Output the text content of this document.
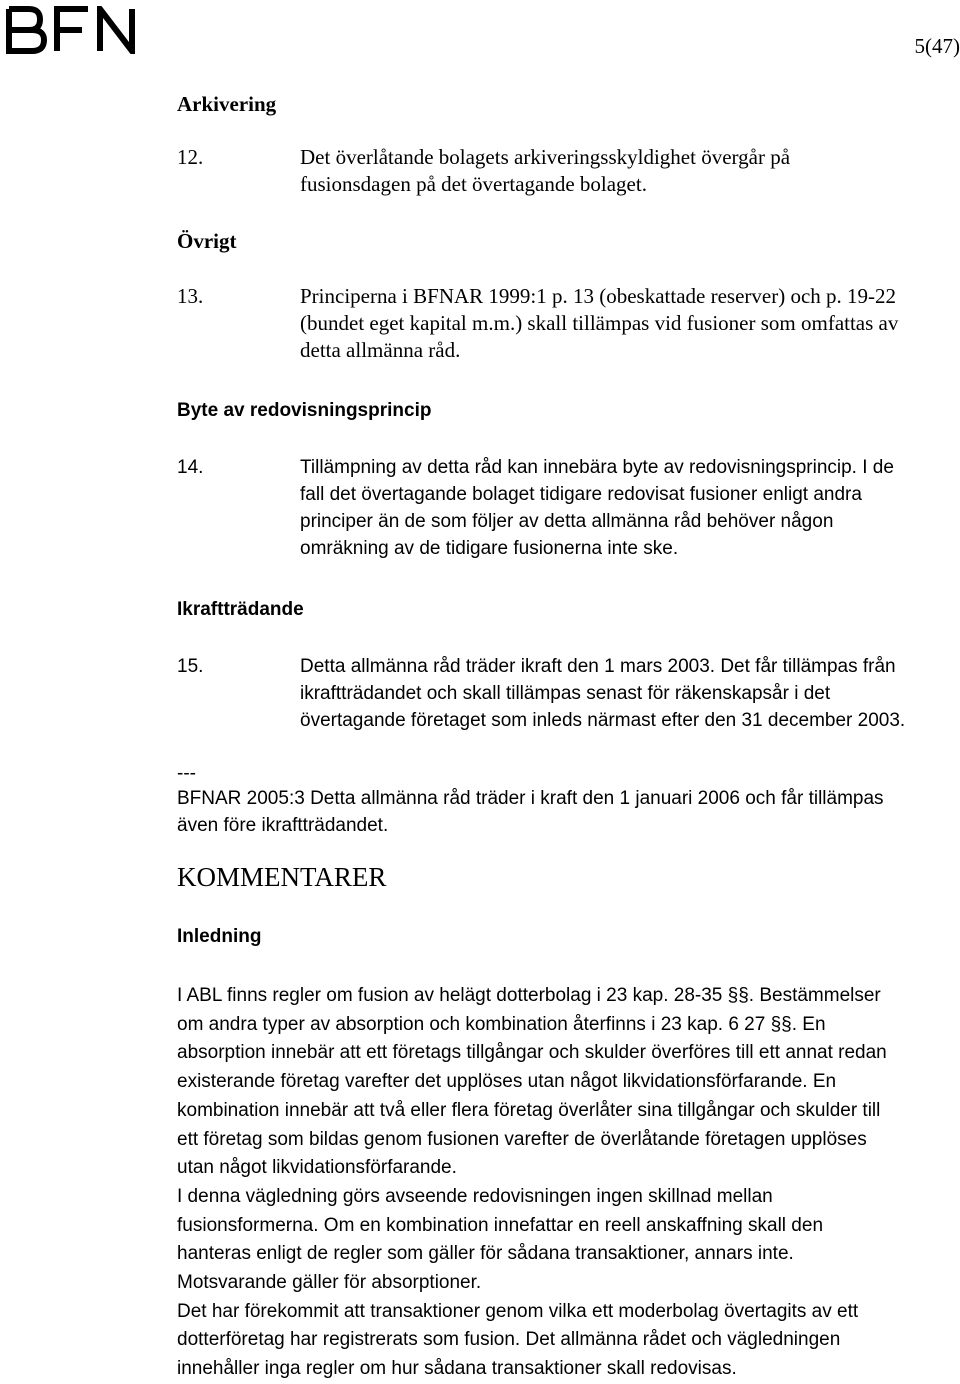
5(47)
Arkivering
12.	Det överlåtande bolagets arkiveringsskyldighet övergår på
fusionsdagen på det övertagande bolaget.
Övrigt
13.	Principerna i BFNAR 1999:1 p. 13 (obeskattade reserver) och p. 19-22
(bundet eget kapital m.m.) skall tillämpas vid fusioner som omfattas av
detta allmänna råd.
Byte av redovisningsprincip
14.	Tillämpning av detta råd kan innebära byte av redovisningsprincip. I de
fall det övertagande bolaget tidigare redovisat fusioner enligt andra
principer än de som följer av detta allmänna råd behöver någon
omräkning av de tidigare fusionerna inte ske.
Ikraftträdande
15.	Detta allmänna råd träder ikraft den 1 mars 2003. Det får tillämpas från
ikraftträdandet och skall tillämpas senast för räkenskapsår i det
övertagande företaget som inleds närmast efter den 31 december 2003.
---
BFNAR 2005:3 Detta allmänna råd träder i kraft den 1 januari 2006 och får tillämpas
även före ikraftträdandet.
KOMMENTARER
Inledning
I ABL finns regler om fusion av helägt dotterbolag i 23 kap. 28-35 §§. Bestämmelser
om andra typer av absorption och kombination återfinns i 23 kap. 6 27 §§. En
absorption innebär att ett företags tillgångar och skulder överföres till ett annat redan
existerande företag varefter det upplöses utan något likvidationsförfarande. En
kombination innebär att två eller flera företag överlåter sina tillgångar och skulder till
ett företag som bildas genom fusionen varefter de överlåtande företagen upplöses
utan något likvidationsförfarande.
I denna vägledning görs avseende redovisningen ingen skillnad mellan
fusionsformerna. Om en kombination innefattar en reell anskaffning skall den
hanteras enligt de regler som gäller för sådana transaktioner, annars inte.
Motsvarande gäller för absorptioner.
Det har förekommit att transaktioner genom vilka ett moderbolag övertagits av ett
dotterföretag har registrerats som fusion. Det allmänna rådet och vägledningen
innehåller inga regler om hur sådana transaktioner skall redovisas.
